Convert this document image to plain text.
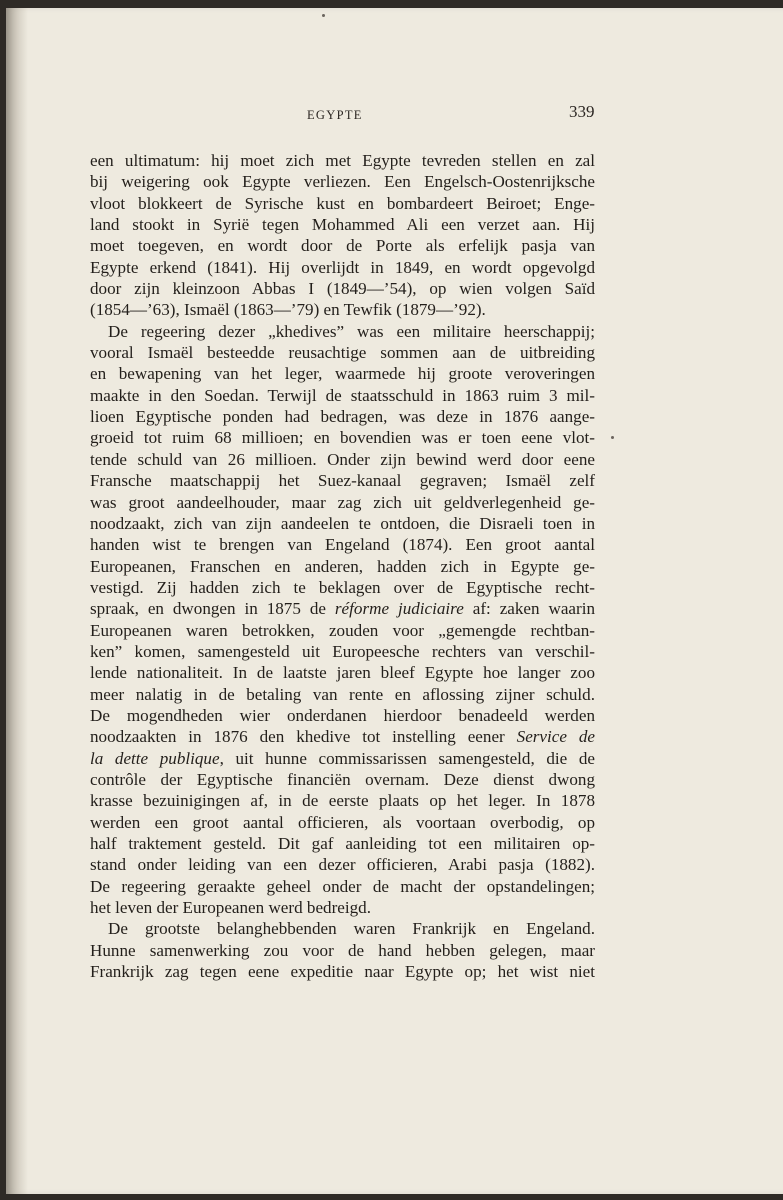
EGYPTE	339
een ultimatum: hij moet zich met Egypte tevreden stellen en zal
bij weigering ook Egypte verliezen. Een Engelsch-Oostenrijksche
vloot blokkeert de Syrische kust en bombardeert Beiroet; Enge-
land stookt in Syrië tegen Mohammed Ali een verzet aan. Hij
moet toegeven, en wordt door de Porte als erfelijk pasja van
Egypte erkend (1841). Hij overlijdt in 1849, en wordt opgevolgd
door zijn kleinzoon Abbas I (1849—’54), op wien volgen Saïd
(1854—’63), Ismaël (1863—’79) en Tewfik (1879—’92).
De regeering dezer „khedives” was een militaire heerschappij;
vooral Ismaël besteedde reusachtige sommen aan de uitbreiding
en bewapening van het leger, waarmede hij groote veroveringen
maakte in den Soedan. Terwijl de staatsschuld in 1863 ruim 3 mil-
lioen Egyptische ponden had bedragen, was deze in 1876 aange-
groeid tot ruim 68 millioen; en bovendien was er toen eene vlot-
tende schuld van 26 millioen. Onder zijn bewind werd door eene
Fransche maatschappij het Suez-kanaal gegraven; Ismaël zelf
was groot aandeelhouder, maar zag zich uit geldverlegenheid ge-
noodzaakt, zich van zijn aandeelen te ontdoen, die Disraeli toen in
handen wist te brengen van Engeland (1874). Een groot aantal
Europeanen, Franschen en anderen, hadden zich in Egypte ge-
vestigd. Zij hadden zich te beklagen over de Egyptische recht-
spraak, en dwongen in 1875 de réforme judiciaire af: zaken waarin
Europeanen waren betrokken, zouden voor „gemengde rechtban-
ken” komen, samengesteld uit Europeesche rechters van verschil-
lende nationaliteit. In de laatste jaren bleef Egypte hoe langer zoo
meer nalatig in de betaling van rente en aflossing zijner schuld.
De mogendheden wier onderdanen hierdoor benadeeld werden
noodzaakten in 1876 den khedive tot instelling eener Service de
la dette publique, uit hunne commissarissen samengesteld, die de
contrôle der Egyptische financiën overnam. Deze dienst dwong
krasse bezuinigingen af, in de eerste plaats op het leger. In 1878
werden een groot aantal officieren, als voortaan overbodig, op
half traktement gesteld. Dit gaf aanleiding tot een militairen op-
stand onder leiding van een dezer officieren, Arabi pasja (1882).
De regeering geraakte geheel onder de macht der opstandelingen;
het leven der Europeanen werd bedreigd.
De grootste belanghebbenden waren Frankrijk en Engeland.
Hunne samenwerking zou voor de hand hebben gelegen, maar
Frankrijk zag tegen eene expeditie naar Egypte op; het wist niet
